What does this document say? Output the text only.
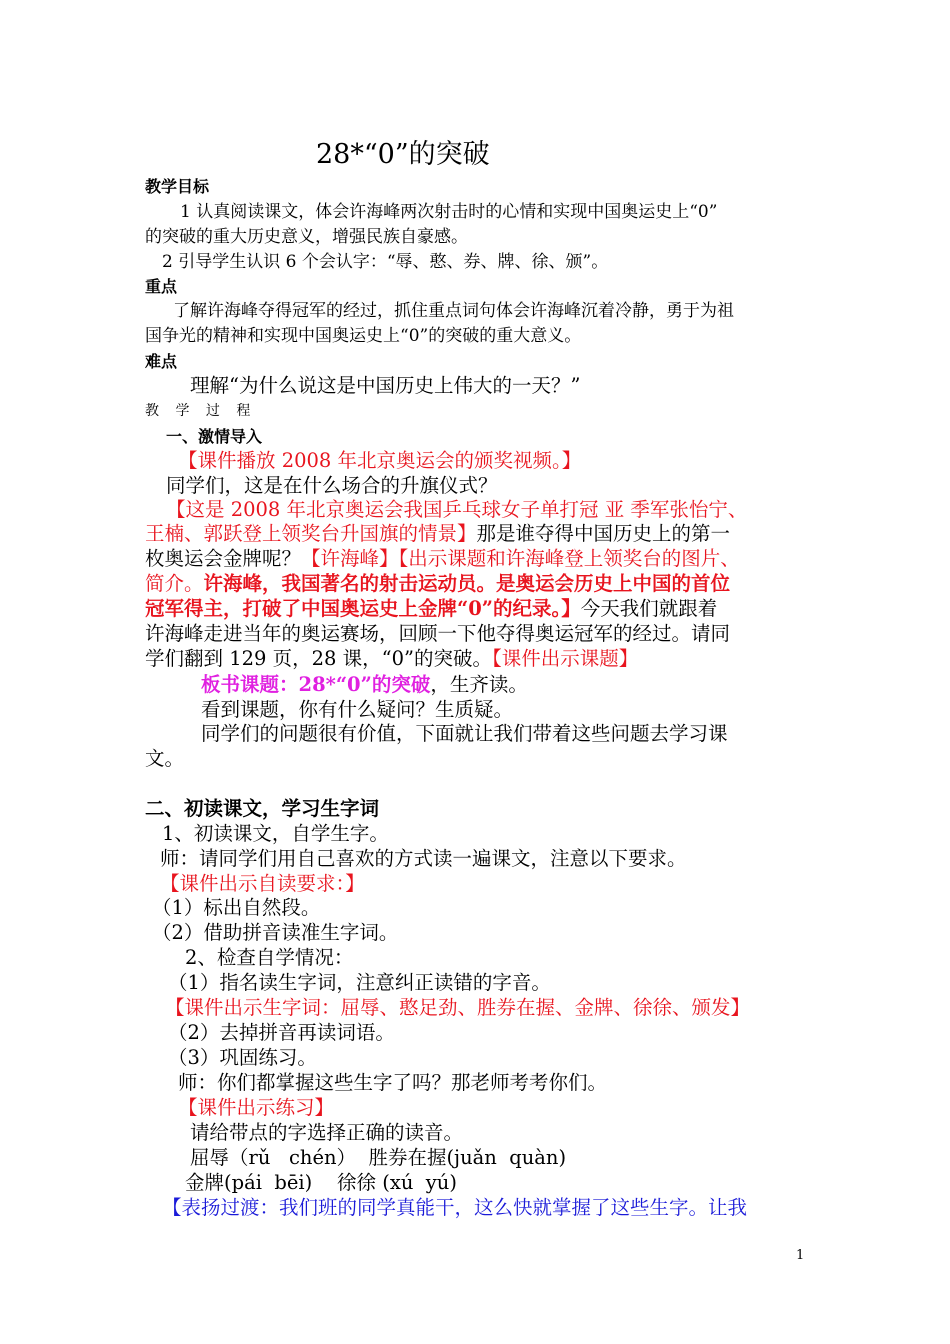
28*“0”的突破
教学目标
1 认真阅读课文，体会许海峰两次射击时的心情和实现中国奥运史上“0”
的突破的重大历史意义，增强民族自豪感。
2 引导学生认识 6 个会认字：“辱、憨、券、牌、徐、颁”。
重点
了解许海峰夺得冠军的经过，抓住重点词句体会许海峰沉着冷静，勇于为祖
国争光的精神和实现中国奥运史上“0”的突破的重大意义。
难点
理解“为什么说这是中国历史上伟大的一天？”
教 学 过 程
一、激情导入
【课件播放 2008 年北京奥运会的颁奖视频。】
同学们，这是在什么场合的升旗仪式？
【这是 2008 年北京奥运会我国乒乓球女子单打冠 亚 季军张怡宁、
王楠、郭跃登上领奖台升国旗的情景】那是谁夺得中国历史上的第一
枚奥运会金牌呢？【许海峰】【出示课题和许海峰登上领奖台的图片、
简介。许海峰，我国著名的射击运动员。是奥运会历史上中国的首位
冠军得主，打破了中国奥运史上金牌“0”的纪录。】今天我们就跟着
许海峰走进当年的奥运赛场，回顾一下他夺得奥运冠军的经过。请同
学们翻到 129 页，28 课，“0”的突破。【课件出示课题】
板书课题：28*“0”的突破，生齐读。
看到课题，你有什么疑问？生质疑。
同学们的问题很有价值，下面就让我们带着这些问题去学习课
文。
二、初读课文，学习生字词
1、初读课文，自学生字。
师：请同学们用自己喜欢的方式读一遍课文，注意以下要求。
【课件出示自读要求：】
（1）标出自然段。
（2）借助拼音读准生字词。
2、检查自学情况：
（1）指名读生字词，注意纠正读错的字音。
【课件出示生字词：屈辱、憨足劲、胜券在握、金牌、徐徐、颁发】
（2）去掉拼音再读词语。
（3）巩固练习。
师：你们都掌握这些生字了吗？那老师考考你们。
【课件出示练习】
请给带点的字选择正确的读音。
屈辱（rǔ   chén）  胜券在握(juǎn  quàn)
金牌(pái  bēi)    徐徐 (xú  yú)
【表扬过渡：我们班的同学真能干，这么快就掌握了这些生字。让我
1
